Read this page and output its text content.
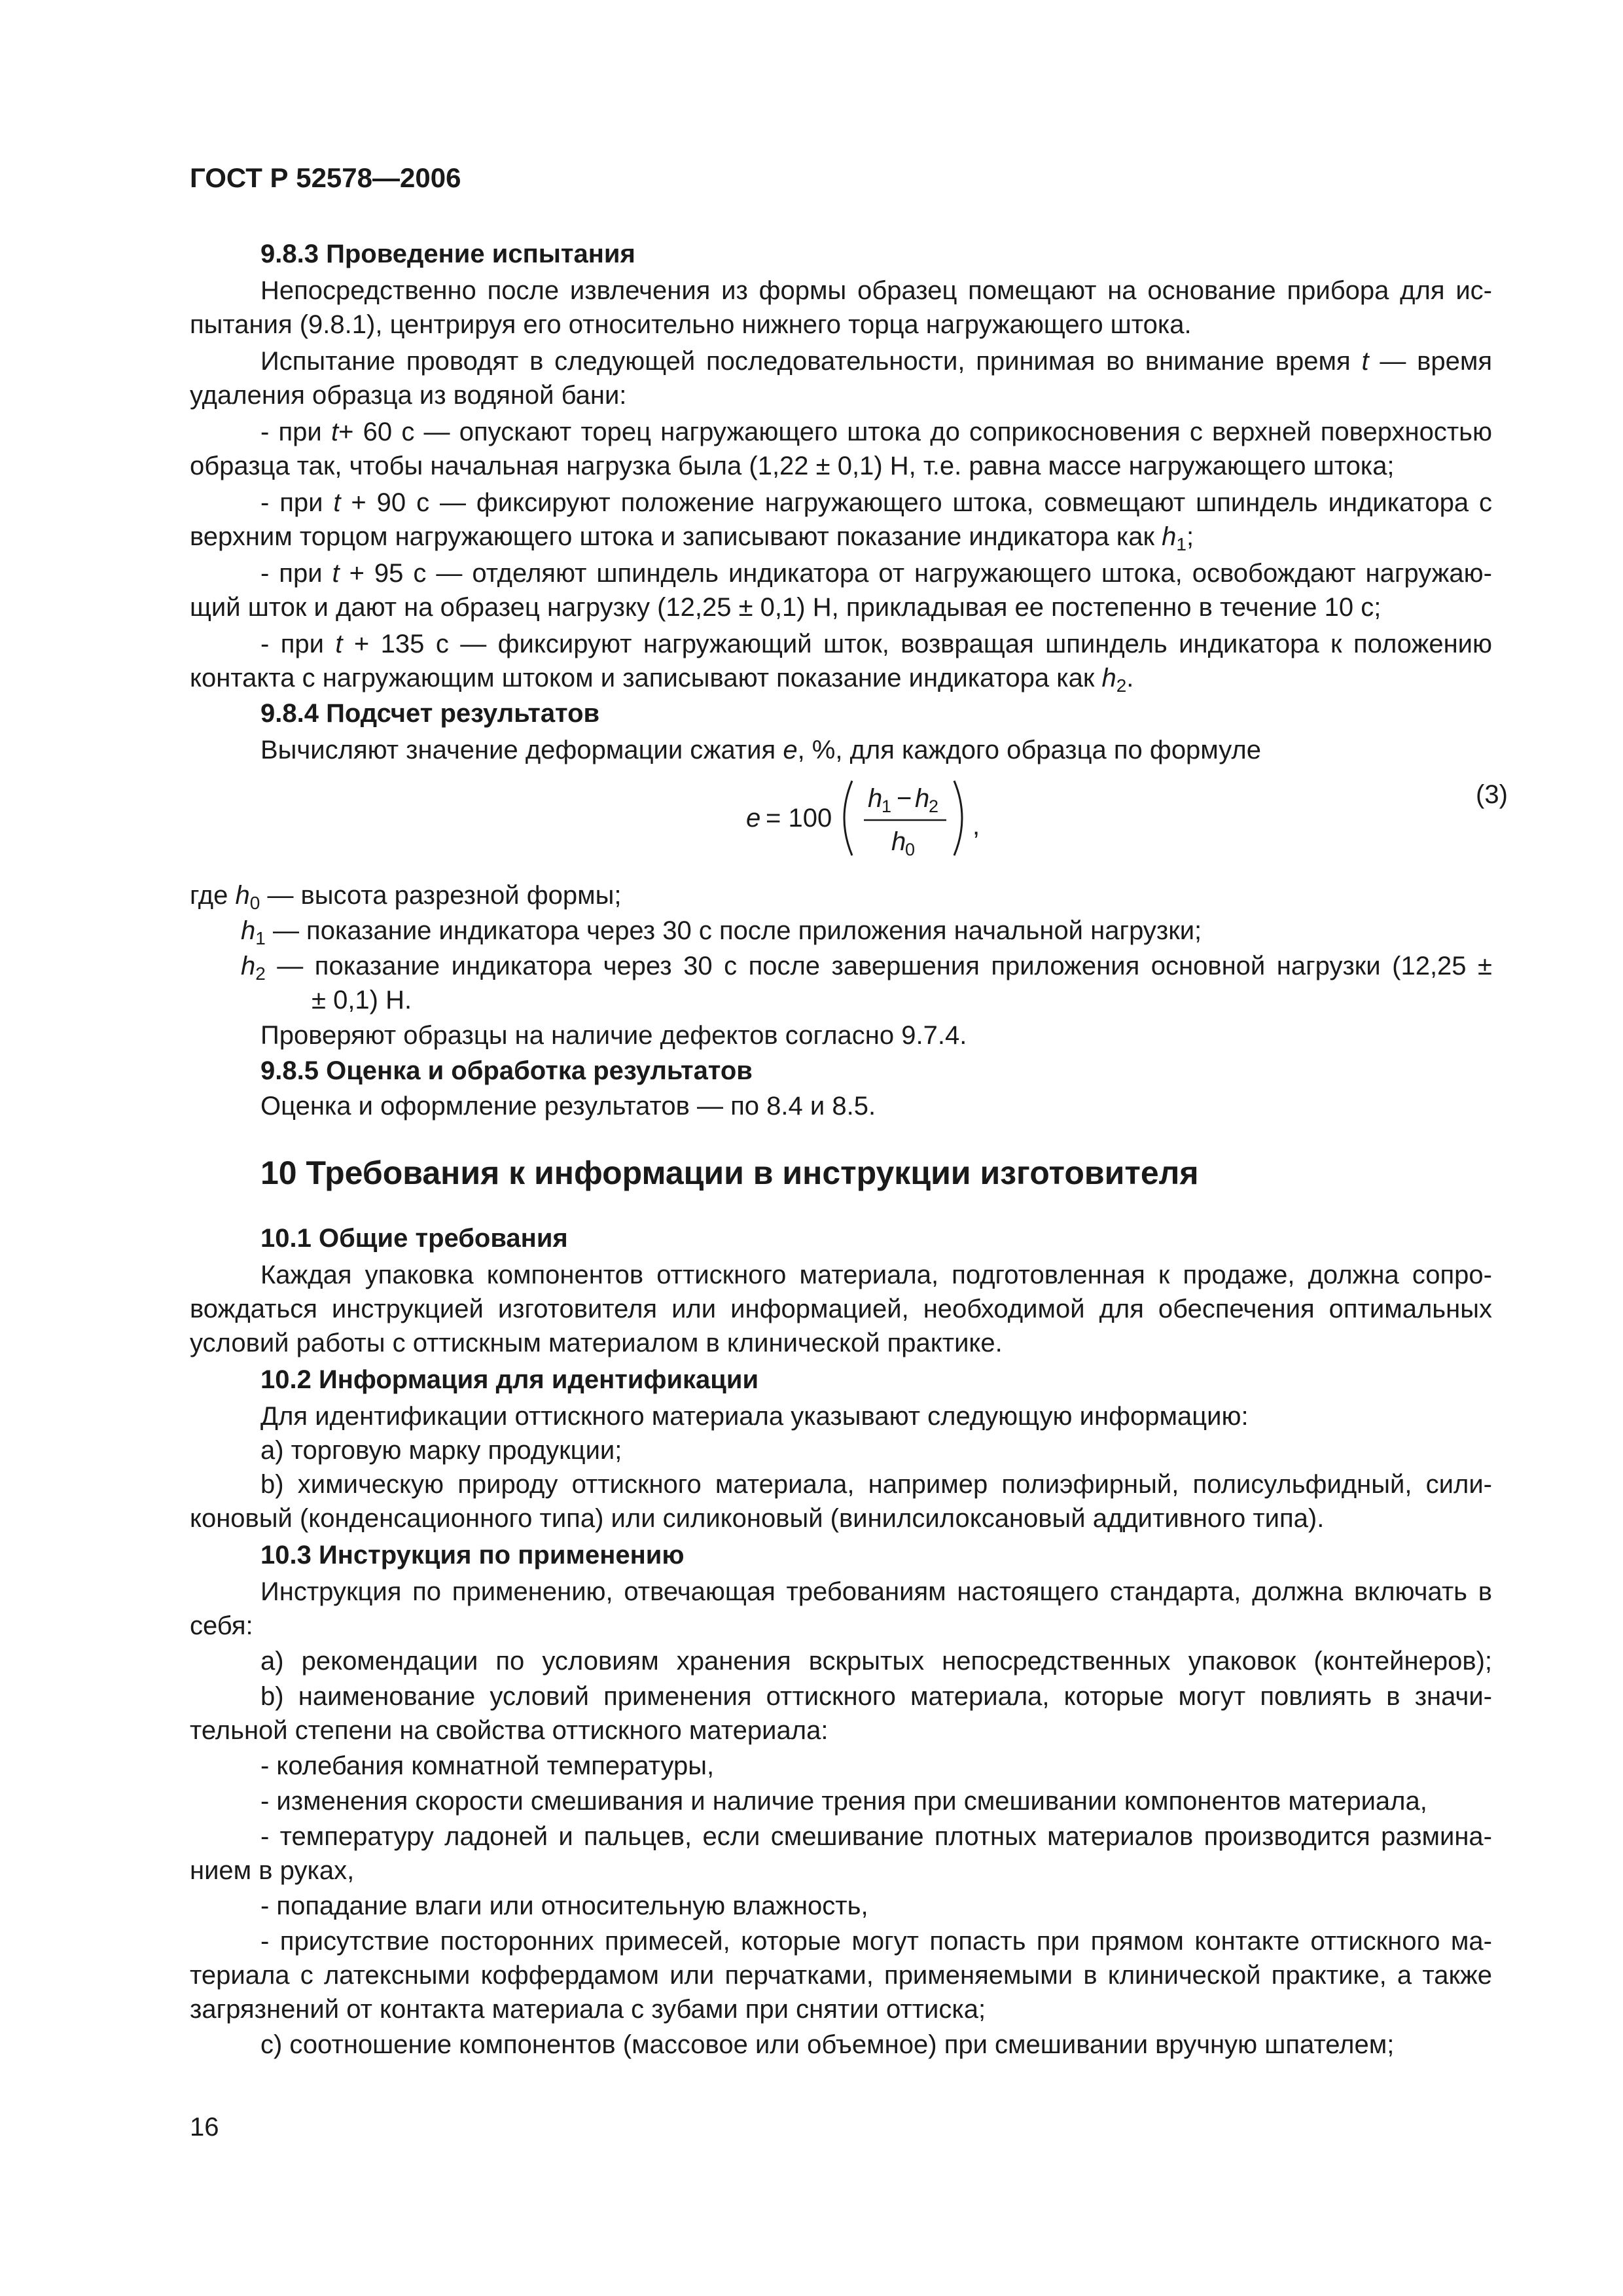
ГОСТ Р 52578—2006
9.8.3 Проведение испытания
Непосредственно после извлечения из формы образец помещают на основание прибора для ис-
пытания (9.8.1), центрируя его относительно нижнего торца нагружающего штока.
Испытание проводят в следующей последовательности, принимая во внимание время t — время
удаления образца из водяной бани:
- при t+ 60 с — опускают торец нагружающего штока до соприкосновения с верхней поверхностью
образца так, чтобы начальная нагрузка была (1,22 ± 0,1) Н, т.е. равна массе нагружающего штока;
- при t + 90 с — фиксируют положение нагружающего штока, совмещают шпиндель индикатора с
верхним торцом нагружающего штока и записывают показание индикатора как $h_1$;
- при t + 95 с — отделяют шпиндель индикатора от нагружающего штока, освобождают нагружаю-
щий шток и дают на образец нагрузку (12,25 ± 0,1) Н, прикладывая ее постепенно в течение 10 с;
- при t + 135 с — фиксируют нагружающий шток, возвращая шпиндель индикатора к положению
контакта с нагружающим штоком и записывают показание индикатора как $h_2$.
9.8.4 Подсчет результатов
Вычисляют значение деформации сжатия e, %, для каждого образца по формуле
e = 100
h
1 − h
2
h
0
,
(3)
где $h_0$ — высота разрезной формы;
$h_1$ — показание индикатора через 30 с после приложения начальной нагрузки;
$h_2$ — показание индикатора через 30 с после завершения приложения основной нагрузки (12,25 ±
± 0,1) Н.
Проверяют образцы на наличие дефектов согласно 9.7.4.
9.8.5 Оценка и обработка результатов
Оценка и оформление результатов — по 8.4 и 8.5.
10 Требования к информации в инструкции изготовителя
10.1 Общие требования
Каждая упаковка компонентов оттискного материала, подготовленная к продаже, должна сопро-
вождаться инструкцией изготовителя или информацией, необходимой для обеспечения оптимальных
условий работы с оттискным материалом в клинической практике.
10.2 Информация для идентификации
Для идентификации оттискного материала указывают следующую информацию:
a) торговую марку продукции;
b) химическую природу оттискного материала, например полиэфирный, полисульфидный, сили-
коновый (конденсационного типа) или силиконовый (винилсилоксановый аддитивного типа).
10.3 Инструкция по применению
Инструкция по применению, отвечающая требованиям настоящего стандарта, должна включать в
себя:
a) рекомендации по условиям хранения вскрытых непосредственных упаковок (контейнеров);
b) наименование условий применения оттискного материала, которые могут повлиять в значи-
тельной степени на свойства оттискного материала:
- колебания комнатной температуры,
- изменения скорости смешивания и наличие трения при смешивании компонентов материала,
- температуру ладоней и пальцев, если смешивание плотных материалов производится размина-
нием в руках,
- попадание влаги или относительную влажность,
- присутствие посторонних примесей, которые могут попасть при прямом контакте оттискного ма-
териала с латексными коффердамом или перчатками, применяемыми в клинической практике, а также
загрязнений от контакта материала с зубами при снятии оттиска;
c) соотношение компонентов (массовое или объемное) при смешивании вручную шпателем;
16
